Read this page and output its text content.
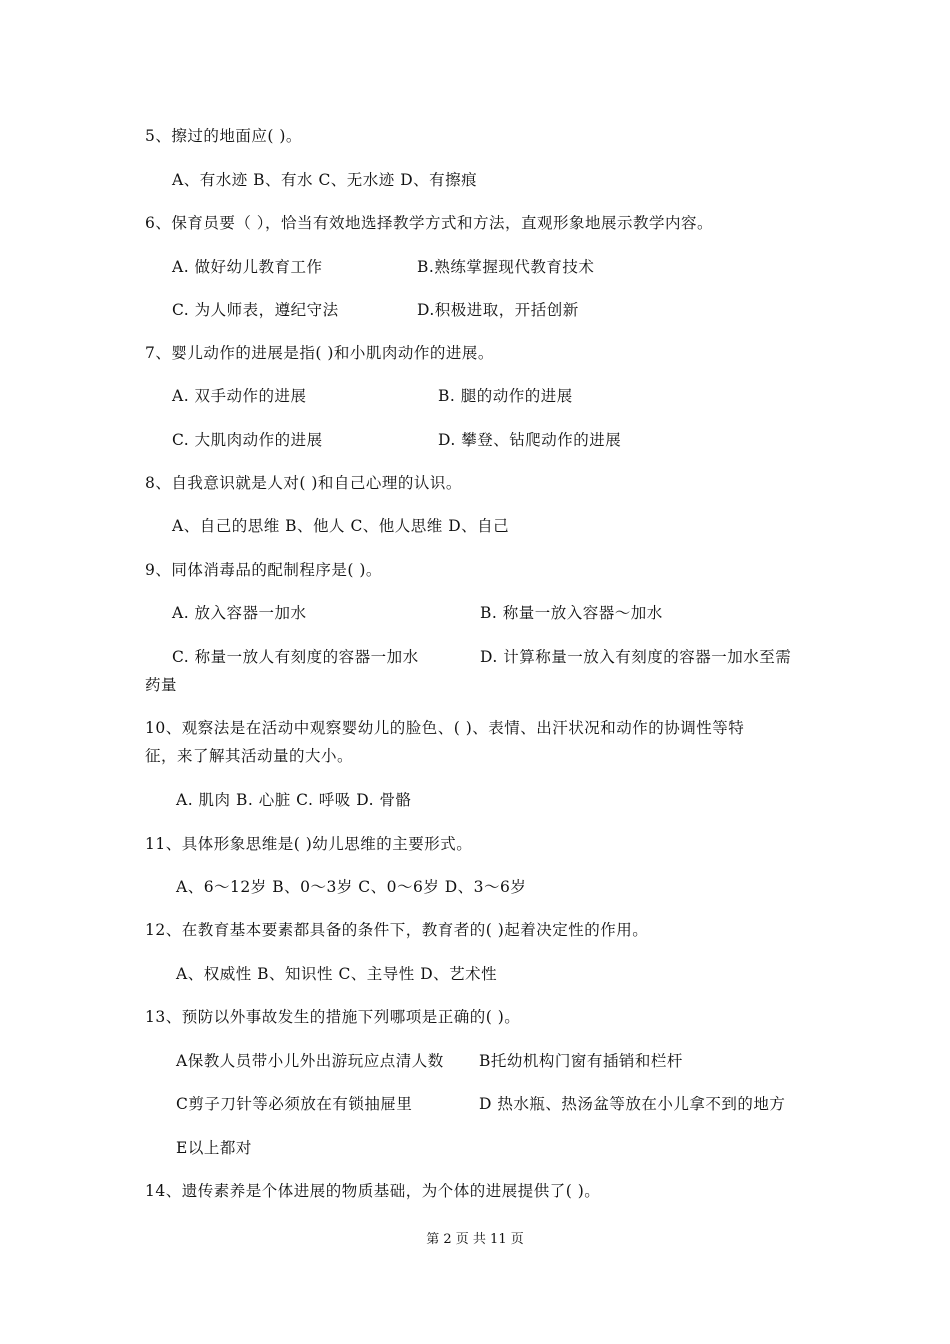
5、擦过的地面应( )。
A、有水迹 B、有水 C、无水迹 D、有擦痕
6、保育员要（ ），恰当有效地选择教学方式和方法，直观形象地展示教学内容。
A. 做好幼儿教育工作	B.熟练掌握现代教育技术
C. 为人师表，遵纪守法	D.积极进取，开括创新
7、婴儿动作的进展是指( )和小肌肉动作的进展。
A. 双手动作的进展	B. 腿的动作的进展
C. 大肌肉动作的进展	D. 攀登、钻爬动作的进展
8、自我意识就是人对( )和自己心理的认识。
A、自己的思维 B、他人 C、他人思维 D、自己
9、同体消毒品的配制程序是( )。
A. 放入容器一加水	B. 称量一放入容器～加水
C. 称量一放人有刻度的容器一加水	D. 计算称量一放入有刻度的容器一加水至需
药量
10、观察法是在活动中观察婴幼儿的脸色、( )、表情、出汗状况和动作的协调性等特
征，来了解其活动量的大小。
A. 肌肉 B. 心脏 C. 呼吸 D. 骨骼
11、具体形象思维是( )幼儿思维的主要形式。
A、6～12岁 B、0～3岁 C、0～6岁 D、3～6岁
12、在教育基本要素都具备的条件下，教育者的( )起着决定性的作用。
A、权威性 B、知识性 C、主导性 D、艺术性
13、预防以外事故发生的措施下列哪项是正确的( )。
A保教人员带小儿外出游玩应点清人数 B托幼机构门窗有插销和栏杆
C剪子刀针等必须放在有锁抽屉里	D 热水瓶、热汤盆等放在小儿拿不到的地方
E以上都对
14、遗传素养是个体进展的物质基础，为个体的进展提供了( )。
第 2 页 共 11 页
